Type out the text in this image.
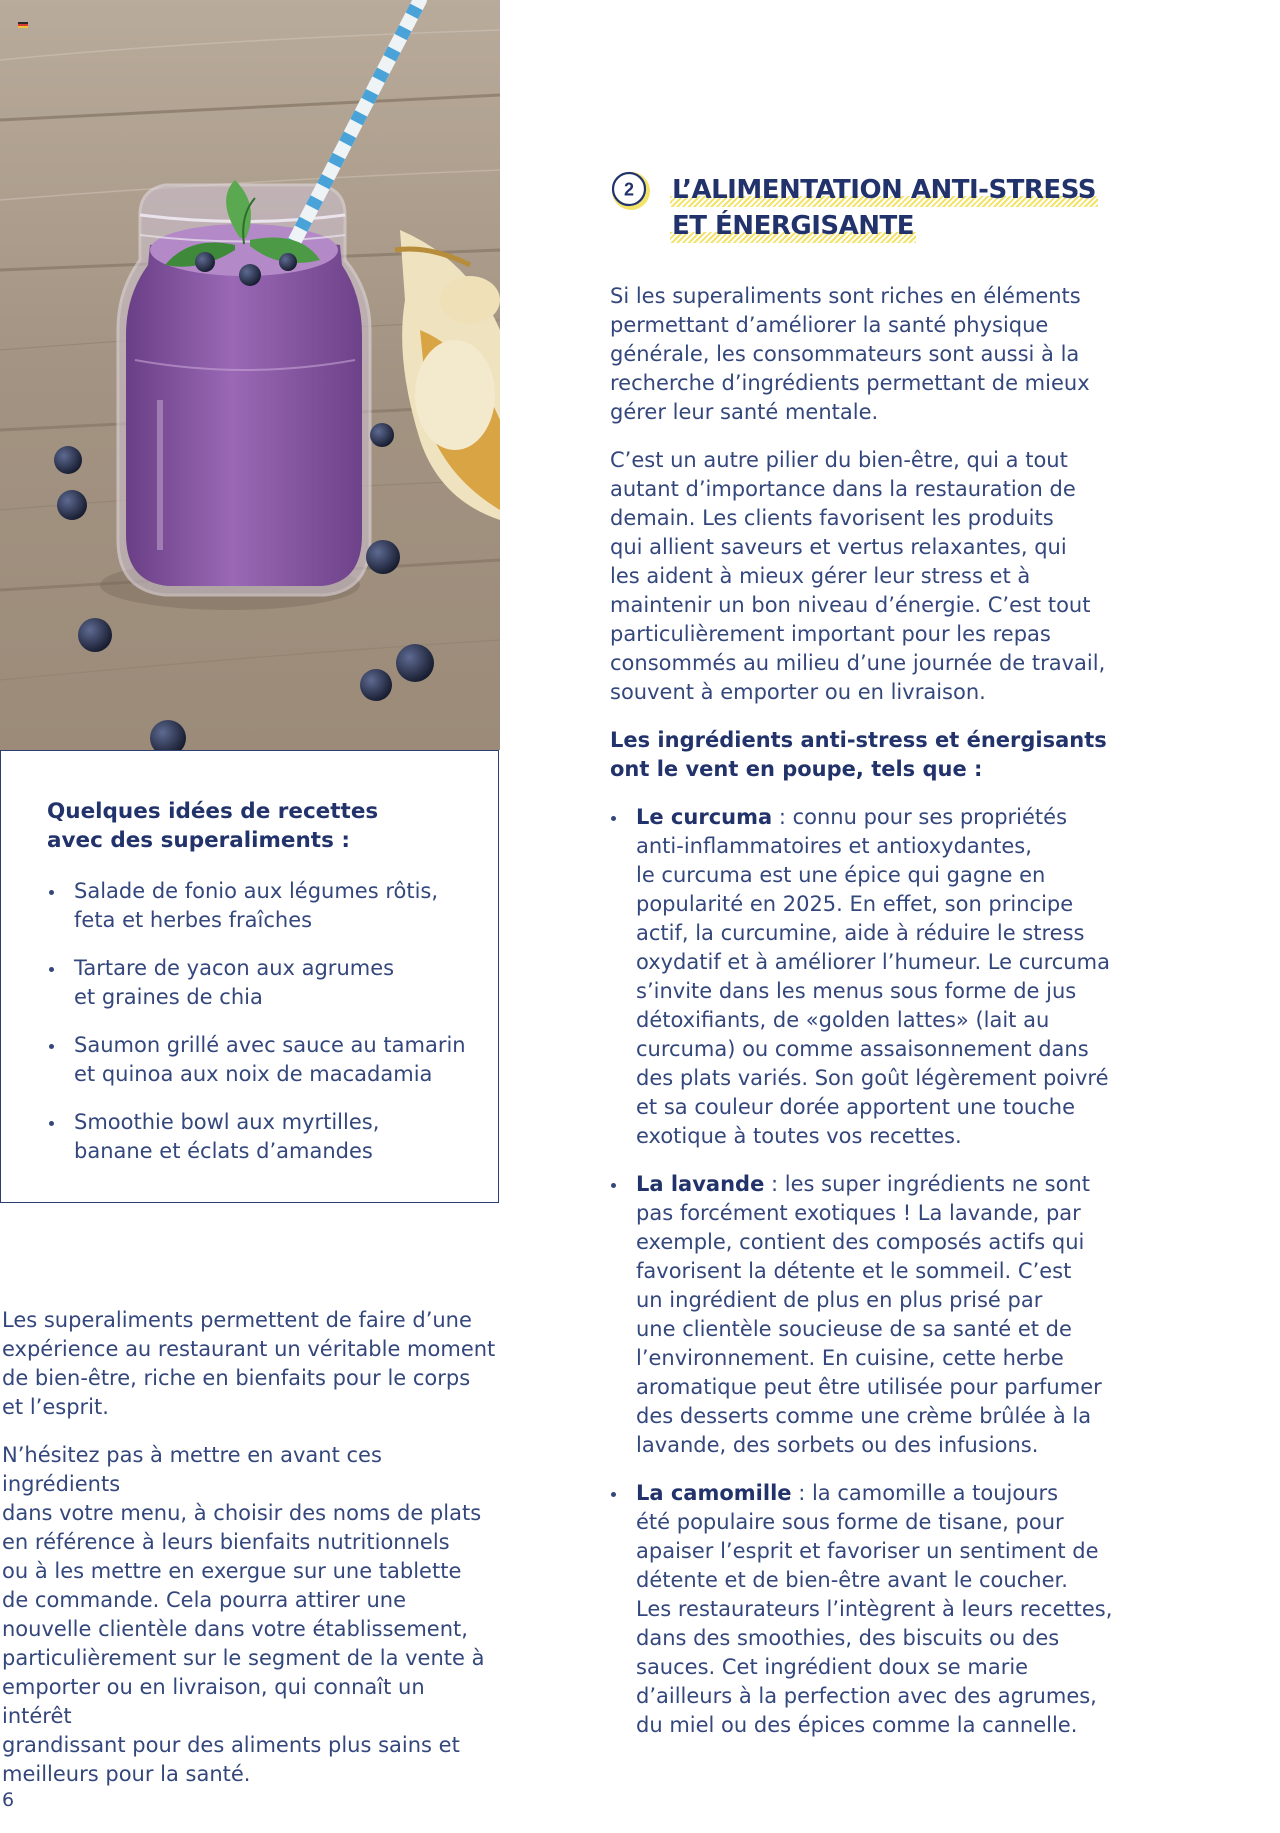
Quelques idées de recettes
avec des superaliments :
Salade de fonio aux légumes rôtis,
feta et herbes fraîches
Tartare de yacon aux agrumes
et graines de chia
Saumon grillé avec sauce au tamarin
et quinoa aux noix de macadamia
Smoothie bowl aux myrtilles,
banane et éclats d’amandes

Les superaliments permettent de faire d’une
expérience au restaurant un véritable moment
de bien-être, riche en bienfaits pour le corps
et l’esprit.

N’hésitez pas à mettre en avant ces ingrédients
dans votre menu, à choisir des noms de plats
en référence à leurs bienfaits nutritionnels
ou à les mettre en exergue sur une tablette
de commande. Cela pourra attirer une
nouvelle clientèle dans votre établissement,
particulièrement sur le segment de la vente à
emporter ou en livraison, qui connaît un intérêt
grandissant pour des aliments plus sains et
meilleurs pour la santé.

2 L’ALIMENTATION ANTI-STRESS
ET ÉNERGISANTE

Si les superaliments sont riches en éléments
permettant d’améliorer la santé physique
générale, les consommateurs sont aussi à la
recherche d’ingrédients permettant de mieux
gérer leur santé mentale.

C’est un autre pilier du bien-être, qui a tout
autant d’importance dans la restauration de
demain. Les clients favorisent les produits
qui allient saveurs et vertus relaxantes, qui
les aident à mieux gérer leur stress et à
maintenir un bon niveau d’énergie. C’est tout
particulièrement important pour les repas
consommés au milieu d’une journée de travail,
souvent à emporter ou en livraison.

Les ingrédients anti-stress et énergisants
ont le vent en poupe, tels que :

Le curcuma : connu pour ses propriétés
anti-inflammatoires et antioxydantes,
le curcuma est une épice qui gagne en
popularité en 2025. En effet, son principe
actif, la curcumine, aide à réduire le stress
oxydatif et à améliorer l’humeur. Le curcuma
s’invite dans les menus sous forme de jus
détoxifiants, de «golden lattes» (lait au
curcuma) ou comme assaisonnement dans
des plats variés. Son goût légèrement poivré
et sa couleur dorée apportent une touche
exotique à toutes vos recettes.
La lavande : les super ingrédients ne sont
pas forcément exotiques ! La lavande, par
exemple, contient des composés actifs qui
favorisent la détente et le sommeil. C’est
un ingrédient de plus en plus prisé par
une clientèle soucieuse de sa santé et de
l’environnement. En cuisine, cette herbe
aromatique peut être utilisée pour parfumer
des desserts comme une crème brûlée à la
lavande, des sorbets ou des infusions.
La camomille : la camomille a toujours
été populaire sous forme de tisane, pour
apaiser l’esprit et favoriser un sentiment de
détente et de bien-être avant le coucher.
Les restaurateurs l’intègrent à leurs recettes,
dans des smoothies, des biscuits ou des
sauces. Cet ingrédient doux se marie
d’ailleurs à la perfection avec des agrumes,
du miel ou des épices comme la cannelle.
6
